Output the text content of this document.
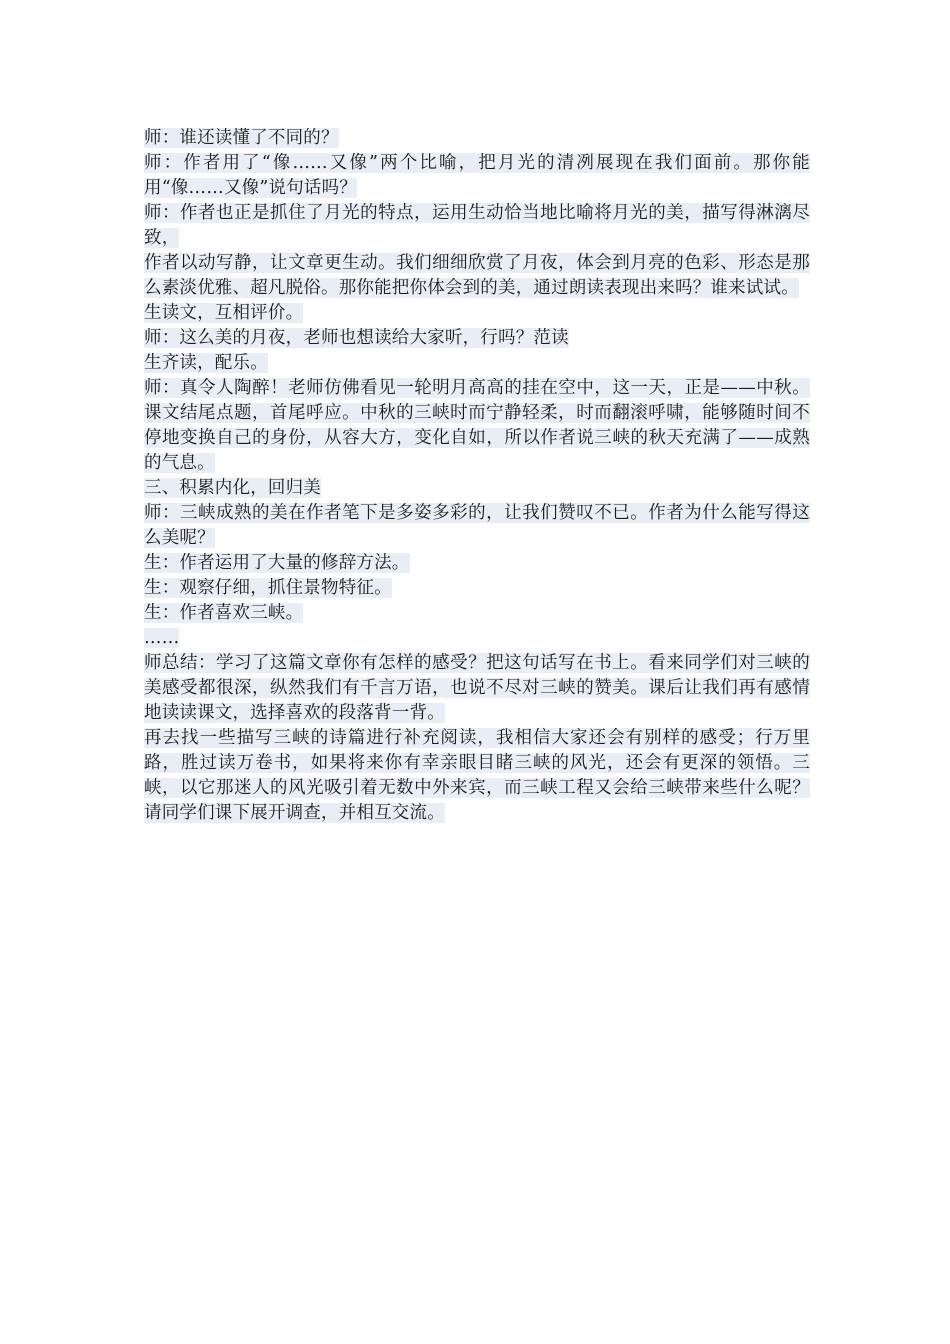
师：谁还读懂了不同的？

师：作者用了“像……又像”两个比喻，把月光的清冽展现在我们面前。那你能用“像……又像”说句话吗？

师：作者也正是抓住了月光的特点，运用生动恰当地比喻将月光的美，描写得淋漓尽致，

作者以动写静，让文章更生动。我们细细欣赏了月夜，体会到月亮的色彩、形态是那么素淡优雅、超凡脱俗。那你能把你体会到的美，通过朗读表现出来吗？谁来试试。

生读文，互相评价。

师：这么美的月夜，老师也想读给大家听，行吗？范读

生齐读，配乐。

师：真令人陶醉！老师仿佛看见一轮明月高高的挂在空中，这一天，正是——中秋。课文结尾点题，首尾呼应。中秋的三峡时而宁静轻柔，时而翻滚呼啸，能够随时间不停地变换自己的身份，从容大方，变化自如，所以作者说三峡的秋天充满了——成熟的气息。

三、积累内化，回归美

师：三峡成熟的美在作者笔下是多姿多彩的，让我们赞叹不已。作者为什么能写得这么美呢？

生：作者运用了大量的修辞方法。

生：观察仔细，抓住景物特征。

生：作者喜欢三峡。

……

师总结：学习了这篇文章你有怎样的感受？把这句话写在书上。看来同学们对三峡的美感受都很深，纵然我们有千言万语，也说不尽对三峡的赞美。课后让我们再有感情地读读课文，选择喜欢的段落背一背。

再去找一些描写三峡的诗篇进行补充阅读，我相信大家还会有别样的感受；行万里路，胜过读万卷书，如果将来你有幸亲眼目睹三峡的风光，还会有更深的领悟。三峡，以它那迷人的风光吸引着无数中外来宾，而三峡工程又会给三峡带来些什么呢？请同学们课下展开调查，并相互交流。
